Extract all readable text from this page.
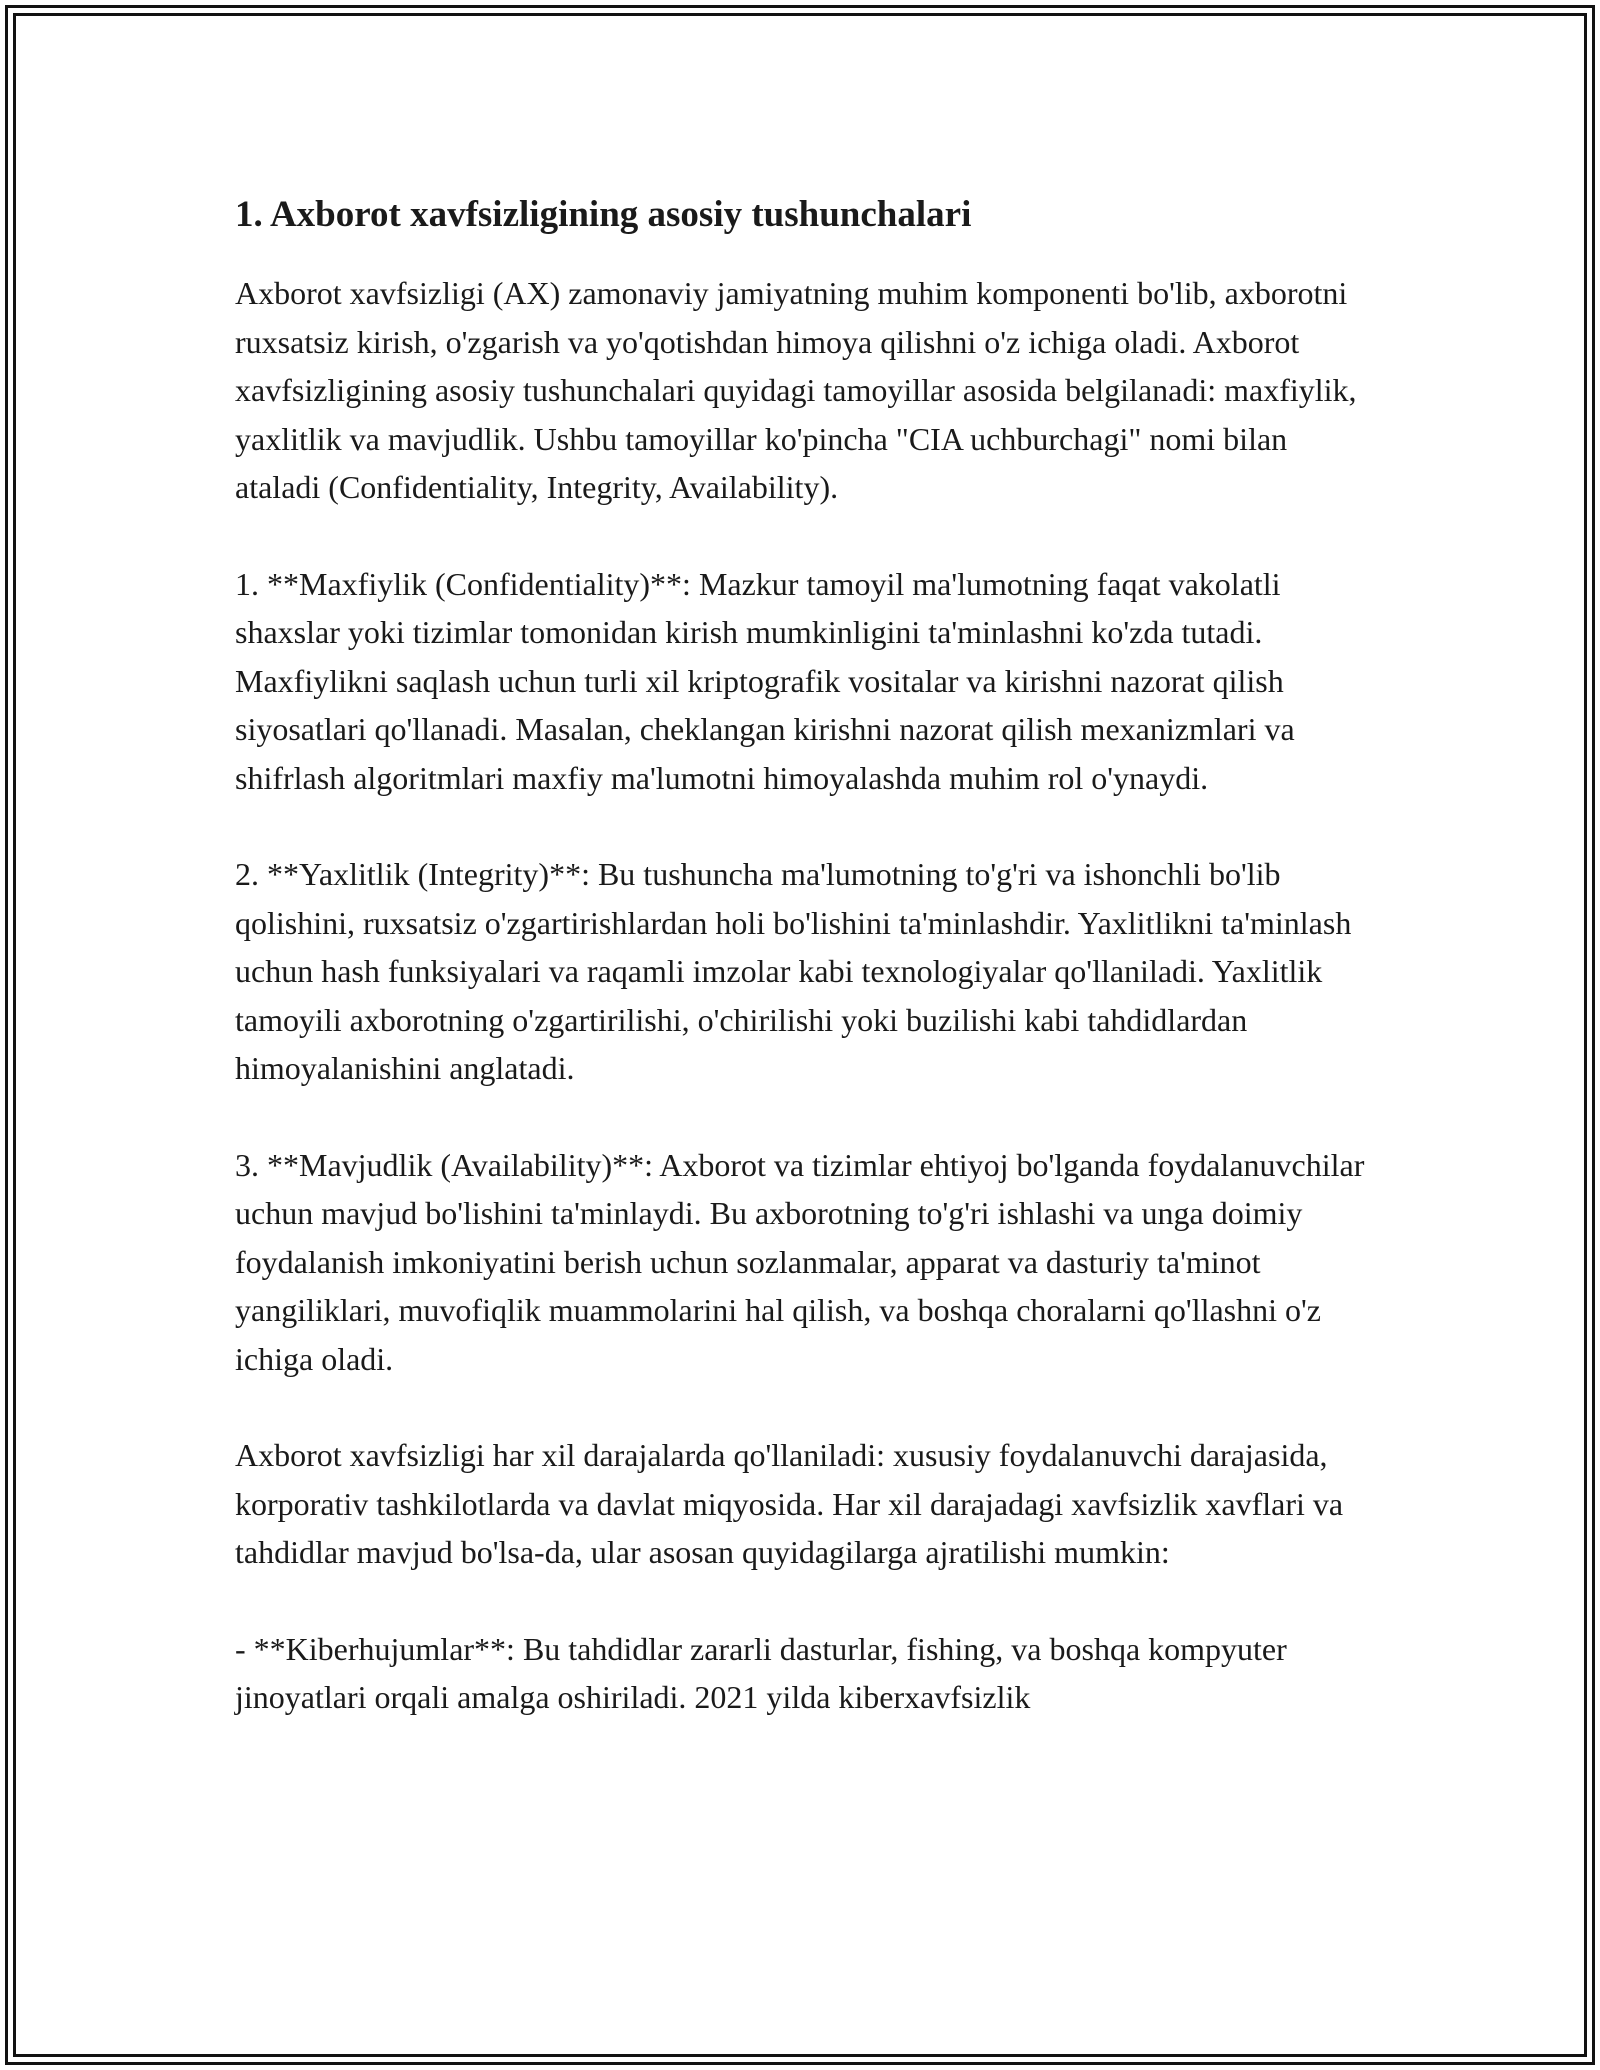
1. Axborot xavfsizligining asosiy tushunchalari

Axborot xavfsizligi (AX) zamonaviy jamiyatning muhim komponenti bo'lib, axborotni ruxsatsiz kirish, o'zgarish va yo'qotishdan himoya qilishni o'z ichiga oladi. Axborot xavfsizligining asosiy tushunchalari quyidagi tamoyillar asosida belgilanadi: maxfiylik, yaxlitlik va mavjudlik. Ushbu tamoyillar ko'pincha "CIA uchburchagi" nomi bilan ataladi (Confidentiality, Integrity, Availability).

1. **Maxfiylik (Confidentiality)**: Mazkur tamoyil ma'lumotning faqat vakolatli shaxslar yoki tizimlar tomonidan kirish mumkinligini ta'minlashni ko'zda tutadi. Maxfiylikni saqlash uchun turli xil kriptografik vositalar va kirishni nazorat qilish siyosatlari qo'llanadi. Masalan, cheklangan kirishni nazorat qilish mexanizmlari va shifrlash algoritmlari maxfiy ma'lumotni himoyalashda muhim rol o'ynaydi.

2. **Yaxlitlik (Integrity)**: Bu tushuncha ma'lumotning to'g'ri va ishonchli bo'lib qolishini, ruxsatsiz o'zgartirishlardan holi bo'lishini ta'minlashdir. Yaxlitlikni ta'minlash uchun hash funksiyalari va raqamli imzolar kabi texnologiyalar qo'llaniladi. Yaxlitlik tamoyili axborotning o'zgartirilishi, o'chirilishi yoki buzilishi kabi tahdidlardan himoyalanishini anglatadi.

3. **Mavjudlik (Availability)**: Axborot va tizimlar ehtiyoj bo'lganda foydalanuvchilar uchun mavjud bo'lishini ta'minlaydi. Bu axborotning to'g'ri ishlashi va unga doimiy foydalanish imkoniyatini berish uchun sozlanmalar, apparat va dasturiy ta'minot yangiliklari, muvofiqlik muammolarini hal qilish, va boshqa choralarni qo'llashni o'z ichiga oladi.

Axborot xavfsizligi har xil darajalarda qo'llaniladi: xususiy foydalanuvchi darajasida, korporativ tashkilotlarda va davlat miqyosida. Har xil darajadagi xavfsizlik xavflari va tahdidlar mavjud bo'lsa-da, ular asosan quyidagilarga ajratilishi mumkin:

- **Kiberhujumlar**: Bu tahdidlar zararli dasturlar, fishing, va boshqa kompyuter jinoyatlari orqali amalga oshiriladi. 2021 yilda kiberxavfsizlik
